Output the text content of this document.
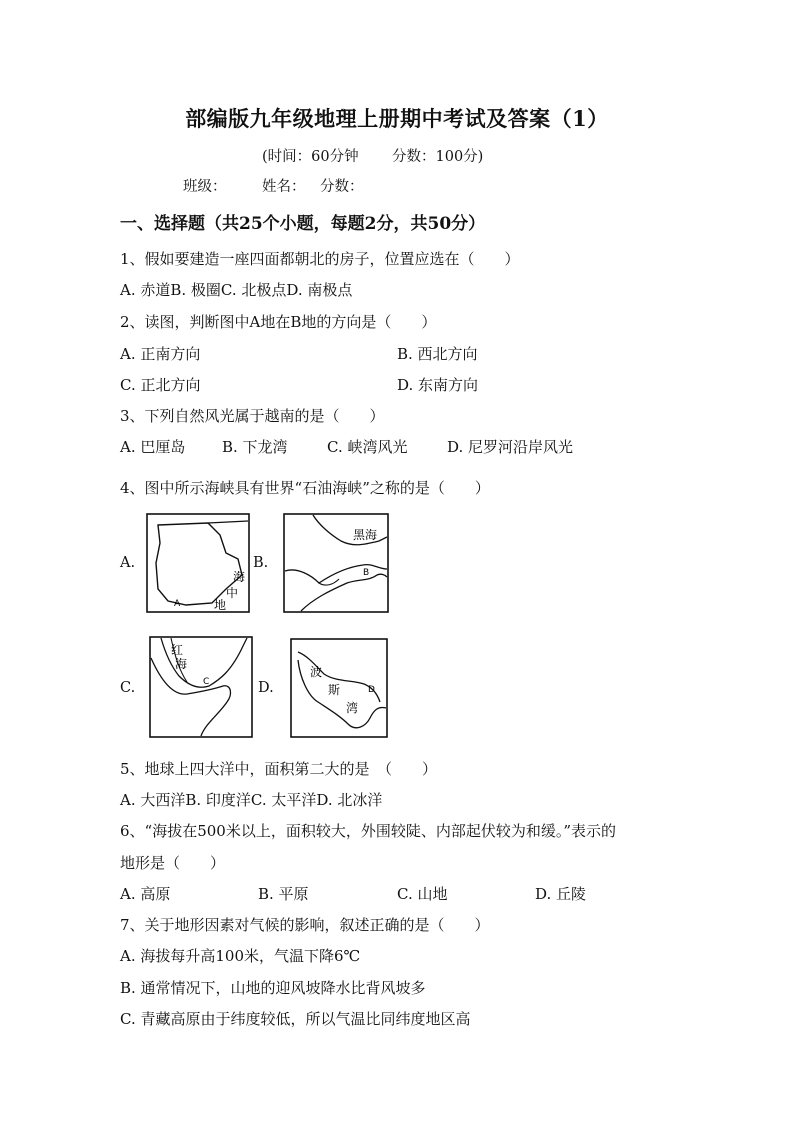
部编版九年级地理上册期中考试及答案（1）
(时间：60分钟 分数：100分)
班级： 姓名： 分数：
一、选择题（共25个小题，每题2分，共50分）
1、假如要建造一座四面都朝北的房子，位置应选在（　　）
A. 赤道B. 极圈C. 北极点D. 南极点
2、读图，判断图中A地在B地的方向是（　　）
A. 正南方向	B. 西北方向
C. 正北方向	D. 东南方向
3、下列自然风光属于越南的是（　　）
A. 巴厘岛 B. 下龙湾	C. 峡湾风光	D. 尼罗河沿岸风光
4、图中所示海峡具有世界“石油海峡”之称的是（　　）
A.
海
中
地
A
B.
黑海
B
C.
红
海
C	D.
波
斯
湾
D
5、地球上四大洋中，面积第二大的是　（　　）
A. 大西洋B. 印度洋C. 太平洋D. 北冰洋
6、“海拔在500米以上，面积较大，外围较陡、内部起伏较为和缓。”表示的
地形是（　　）
A. 高原	B. 平原	C. 山地	D. 丘陵
7、关于地形因素对气候的影响，叙述正确的是（　　）
A. 海拔每升高100米，气温下降6℃
B. 通常情况下，山地的迎风坡降水比背风坡多
C. 青藏高原由于纬度较低，所以气温比同纬度地区高
